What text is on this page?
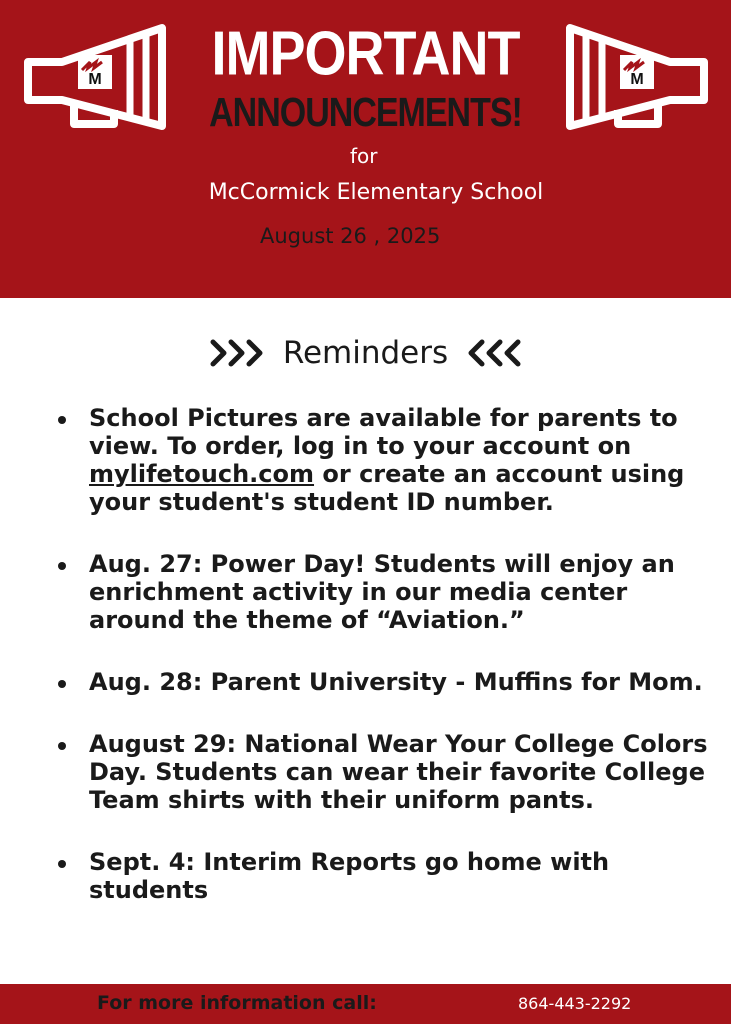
M	M
IMPORTANT
ANNOUNCEMENTS!
for
McCormick Elementary School
August 26 , 2025
Reminders
School Pictures are available for parents to view. To order, log in to your account on mylifetouch.com or create an account using your student's student ID number.
Aug. 27: Power Day! Students will enjoy an enrichment activity in our media center around the theme of “Aviation.”
Aug. 28: Parent University - Muffins for Mom.
August 29: National Wear Your College Colors Day. Students can wear their favorite College Team shirts with their uniform pants.
Sept. 4: Interim Reports go home with students
For more information call:	864-443-2292
